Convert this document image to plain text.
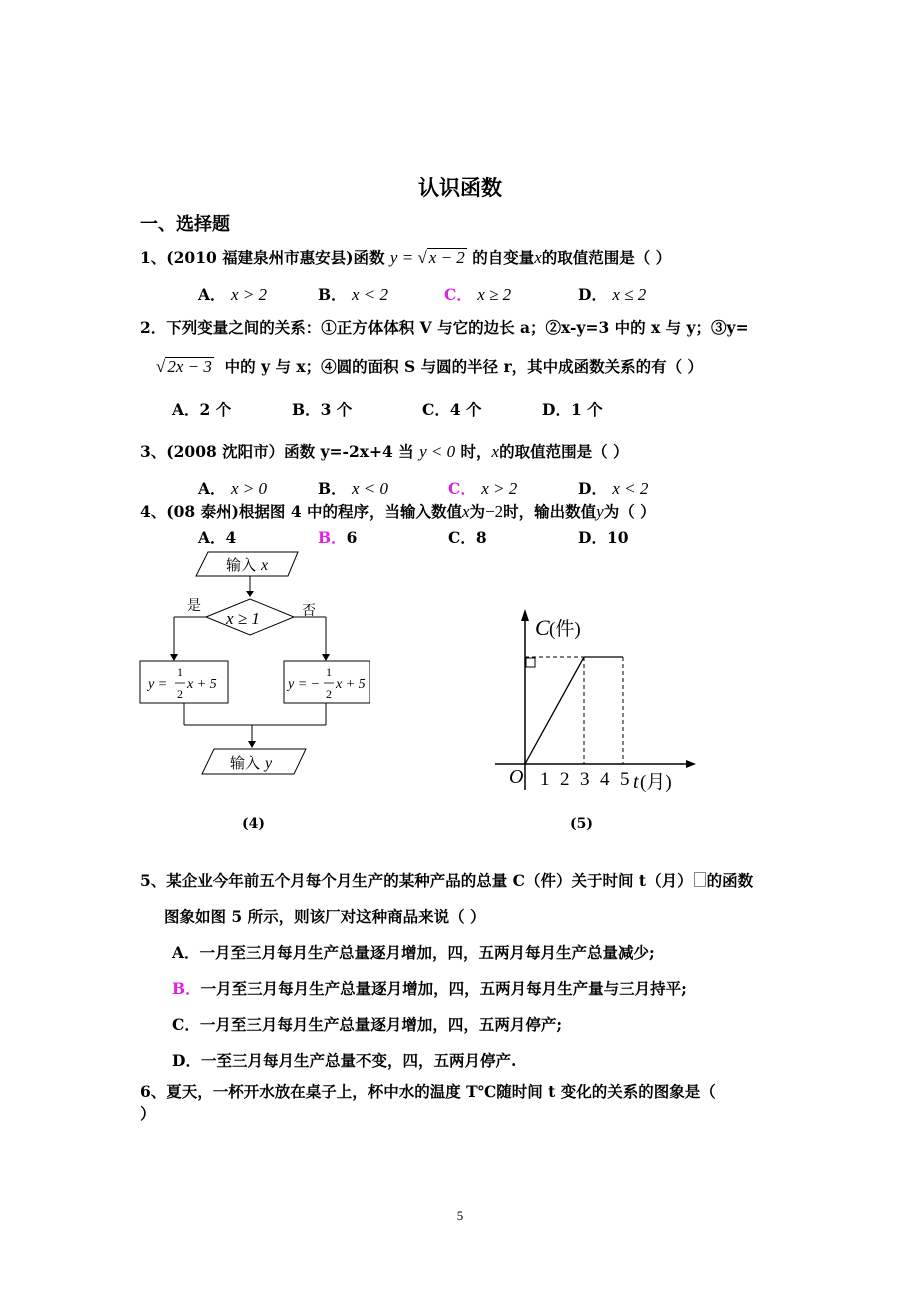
认识函数
一、选择题
1、(2010 福建泉州市惠安县)函数 y = √ x − 2 的自变量x的取值范围是（ ）
A． x > 2	B． x < 2	C． x ≥ 2	D． x ≤ 2
2．下列变量之间的关系：①正方体体积 V 与它的边长 a；②x-y=3 中的 x 与 y；③y=
√ 2x − 3 中的 y 与 x；④圆的面积 S 与圆的半径 r，其中成函数关系的有（ ）
A．2 个	B．3 个	C．4 个	D．1 个
3、(2008 沈阳市）函数 y=-2x+4 当 y < 0 时，x的取值范围是（ ）
A． x > 0	B． x < 0	C． x > 2	D． x < 2
4、(08 泰州)根据图 4 中的程序，当输入数值x为−2时，输出数值y为（ ）
A．4	B．6	C．8	D．10
输入 x
x ≥ 1
是	否
y =
1
2
x + 5	y = −
1
2
x + 5
输入 y
(4)
C (件)
O 1 2 3 4 5 t (月)
(5)
5、某企业今年前五个月每个月生产的某种产品的总量 C（件）关于时间 t（月） 的函数
图象如图 5 所示，则该厂对这种商品来说（ ）
A．一月至三月每月生产总量逐月增加，四，五两月每月生产总量减少;
B．一月至三月每月生产总量逐月增加，四，五两月每月生产量与三月持平;
C．一月至三月每月生产总量逐月增加，四，五两月停产;
D．一至三月每月生产总量不变，四，五两月停产.
6、夏天，一杯开水放在桌子上，杯中水的温度 T℃随时间 t 变化的关系的图象是（
）
5
